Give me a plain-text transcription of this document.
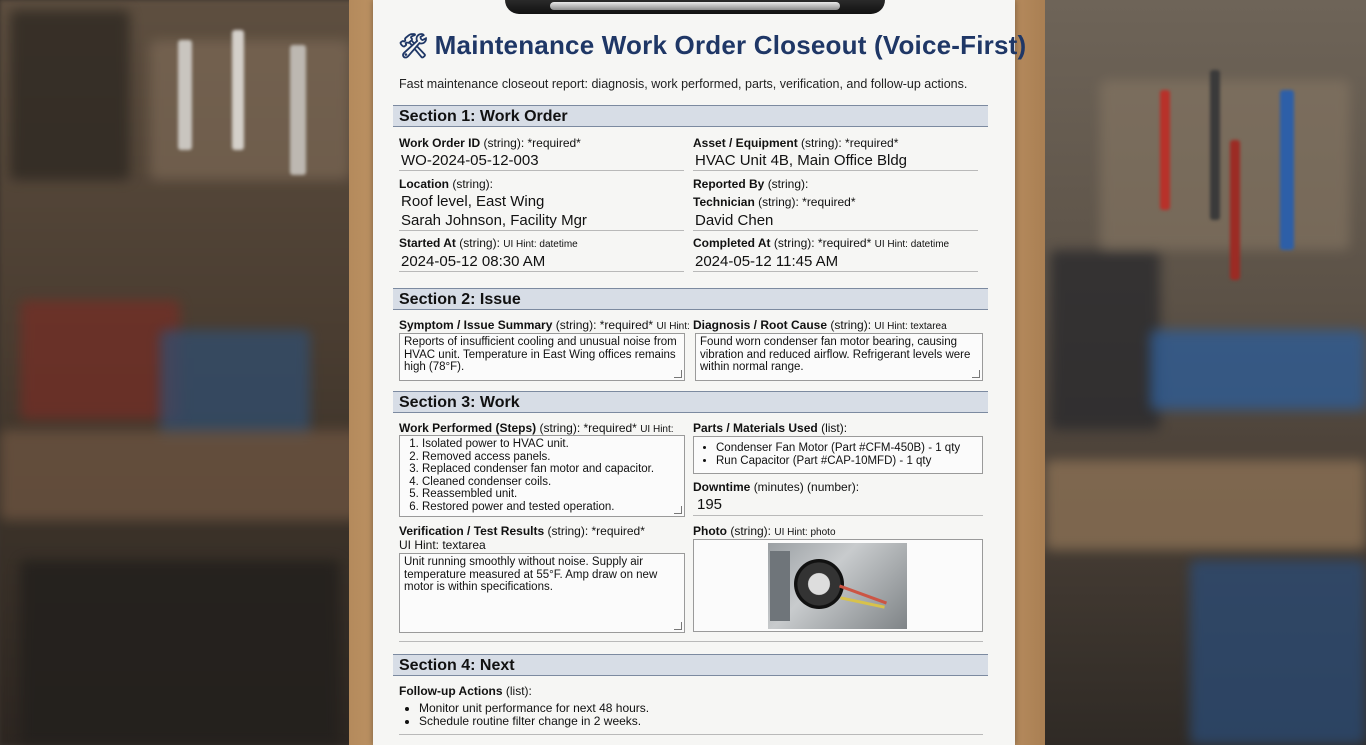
🛠 Maintenance Work Order Closeout (Voice-First)
Fast maintenance closeout report: diagnosis, work performed, parts, verification, and follow-up actions.
Section 1: Work Order
Work Order ID (string): *required*
WO-2024-05-12-003
Asset / Equipment (string): *required*
HVAC Unit 4B, Main Office Bldg
Location (string):
Roof level, East Wing
Sarah Johnson, Facility Mgr
Reported By (string):
Technician (string): *required*
David Chen
Started At (string): UI Hint: datetime
2024-05-12 08:30 AM
Completed At (string): *required* UI Hint: datetime
2024-05-12 11:45 AM
Section 2: Issue
Symptom / Issue Summary (string): *required* UI Hint:
Reports of insufficient cooling and unusual noise from HVAC unit. Temperature in East Wing offices remains high (78°F).
Diagnosis / Root Cause (string): UI Hint: textarea
Found worn condenser fan motor bearing, causing vibration and reduced airflow. Refrigerant levels were within normal range.
Section 3: Work
Work Performed (Steps) (string): *required* UI Hint:
1. Isolated power to HVAC unit.
2. Removed access panels.
3. Replaced condenser fan motor and capacitor.
4. Cleaned condenser coils.
5. Reassembled unit.
6. Restored power and tested operation.
Parts / Materials Used (list):
• Condenser Fan Motor (Part #CFM-450B) - 1 qty
• Run Capacitor (Part #CAP-10MFD) - 1 qty
Downtime (minutes) (number):
195
Verification / Test Results (string): *required*
UI Hint: textarea
Unit running smoothly without noise. Supply air temperature measured at 55°F. Amp draw on new motor is within specifications.
Photo (string): UI Hint: photo
Section 4: Next
Follow-up Actions (list):
• Monitor unit performance for next 48 hours.
• Schedule routine filter change in 2 weeks.
